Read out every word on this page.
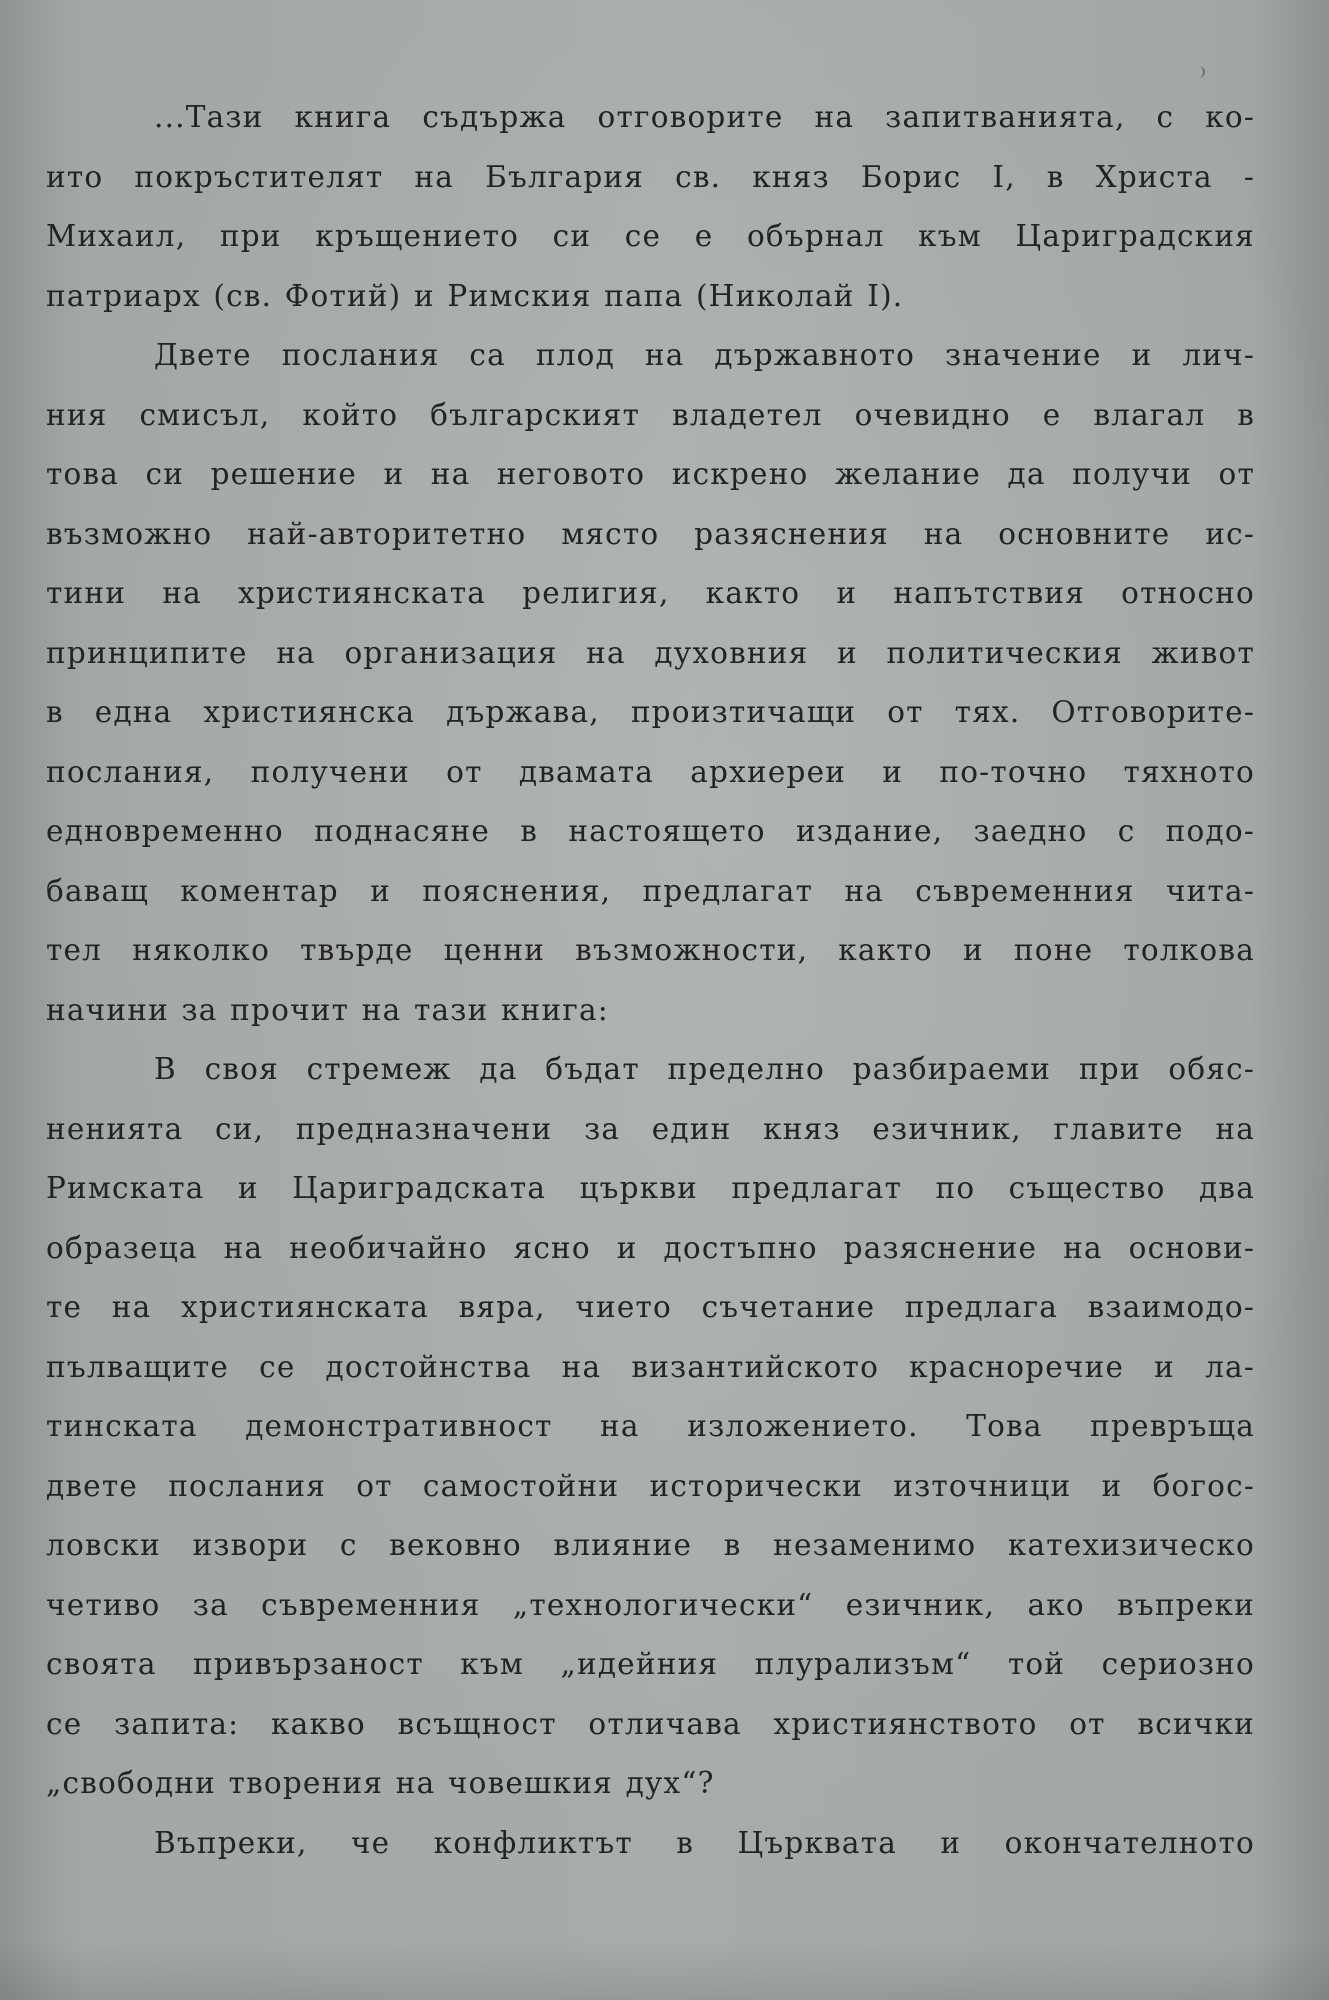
...Тази книга съдържа отговорите на запитванията, с ко-
ито покръстителят на България св. княз Борис I, в Христа -
Михаил, при кръщението си се е обърнал към Цариградския
патриарх (св. Фотий) и Римския папа (Николай I).
Двете послания са плод на държавното значение и лич-
ния смисъл, който българският владетел очевидно е влагал в
това си решение и на неговото искрено желание да получи от
възможно най-авторитетно място разяснения на основните ис-
тини на християнската религия, както и напътствия относно
принципите на организация на духовния и политическия живот
в една християнска държава, произтичащи от тях. Отговорите-
послания, получени от двамата архиереи и по-точно тяхното
едновременно поднасяне в настоящето издание, заедно с подо-
баващ коментар и пояснения, предлагат на съвременния чита-
тел няколко твърде ценни възможности, както и поне толкова
начини за прочит на тази книга:
В своя стремеж да бъдат пределно разбираеми при обяс-
ненията си, предназначени за един княз езичник, главите на
Римската и Цариградската църкви предлагат по същество два
образеца на необичайно ясно и достъпно разяснение на основи-
те на християнската вяра, чието съчетание предлага взаимодо-
пълващите се достойнства на византийското красноречие и ла-
тинската демонстративност на изложението. Това превръща
двете послания от самостойни исторически източници и богос-
ловски извори с вековно влияние в незаменимо катехизическо
четиво за съвременния „технологически“ езичник, ако въпреки
своята привързаност към „идейния плурализъм“ той сериозно
се запита: какво всъщност отличава християнството от всички
„свободни творения на човешкия дух“?
Въпреки, че конфликтът в Църквата и окончателното
